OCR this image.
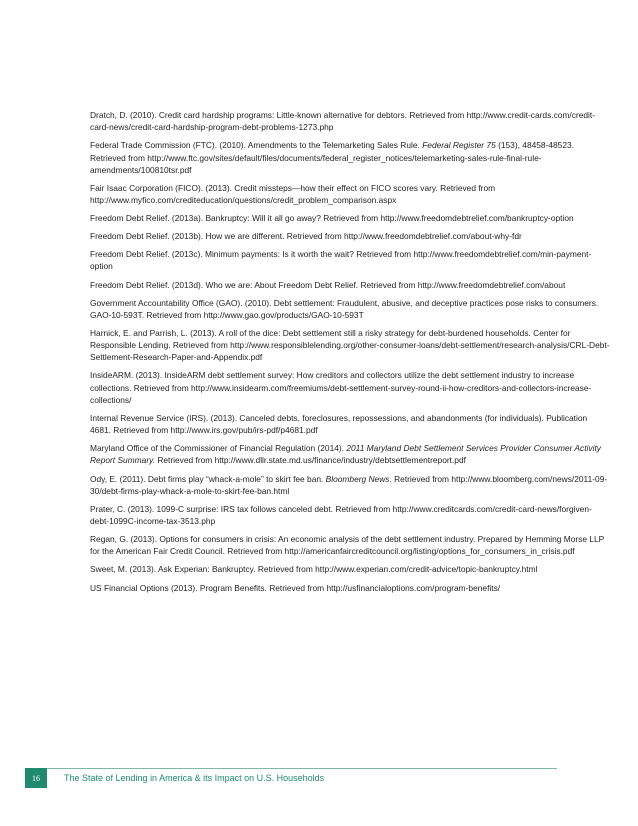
Dratch, D. (2010). Credit card hardship programs: Little-known alternative for debtors. Retrieved from http://www.credit-cards.com/credit-card-news/credit-card-hardship-program-debt-problems-1273.php

Federal Trade Commission (FTC). (2010). Amendments to the Telemarketing Sales Rule. Federal Register 75 (153), 48458-48523. Retrieved from http://www.ftc.gov/sites/default/files/documents/federal_register_notices/telemarketing-sales-rule-final-rule-amendments/100810tsr.pdf

Fair Isaac Corporation (FICO). (2013). Credit missteps—how their effect on FICO scores vary. Retrieved from http://www.myfico.com/crediteducation/questions/credit_problem_comparison.aspx

Freedom Debt Relief. (2013a). Bankruptcy: Will it all go away? Retrieved from http://www.freedomdebtrelief.com/bankruptcy-option

Freedom Debt Relief. (2013b). How we are different. Retrieved from http://www.freedomdebtrelief.com/about-why-fdr

Freedom Debt Relief. (2013c). Minimum payments: Is it worth the wait? Retrieved from http://www.freedomdebtrelief.com/min-payment-option

Freedom Debt Relief. (2013d). Who we are: About Freedom Debt Relief. Retrieved from http://www.freedomdebtrelief.com/about

Government Accountability Office (GAO). (2010). Debt settlement: Fraudulent, abusive, and deceptive practices pose risks to consumers. GAO-10-593T. Retrieved from http://www.gao.gov/products/GAO-10-593T

Harnick, E. and Parrish, L. (2013). A roll of the dice: Debt settlement still a risky strategy for debt-burdened households. Center for Responsible Lending. Retrieved from http://www.responsiblelending.org/other-consumer-loans/debt-settlement/research-analysis/CRL-Debt-Settlement-Research-Paper-and-Appendix.pdf

InsideARM. (2013). InsideARM debt settlement survey: How creditors and collectors utilize the debt settlement industry to increase collections. Retrieved from http://www.insidearm.com/freemiums/debt-settlement-survey-round-ii-how-creditors-and-collectors-increase-collections/

Internal Revenue Service (IRS). (2013). Canceled debts, foreclosures, repossessions, and abandonments (for individuals). Publication 4681. Retrieved from http://www.irs.gov/pub/irs-pdf/p4681.pdf

Maryland Office of the Commissioner of Financial Regulation (2014). 2011 Maryland Debt Settlement Services Provider Consumer Activity Report Summary. Retrieved from http://www.dllr.state.md.us/finance/industry/debtsettlementreport.pdf

Ody, E. (2011). Debt firms play “whack-a-mole” to skirt fee ban. Bloomberg News. Retrieved from http://www.bloomberg.com/news/2011-09-30/debt-firms-play-whack-a-mole-to-skirt-fee-ban.html

Prater, C. (2013). 1099-C surprise: IRS tax follows canceled debt. Retrieved from http://www.creditcards.com/credit-card-news/forgiven-debt-1099C-income-tax-3513.php

Regan, G. (2013). Options for consumers in crisis: An economic analysis of the debt settlement industry. Prepared by Hemming Morse LLP for the American Fair Credit Council. Retrieved from http://americanfaircreditcouncil.org/listing/options_for_consumers_in_crisis.pdf

Sweet, M. (2013). Ask Experian: Bankruptcy. Retrieved from http://www.experian.com/credit-advice/topic-bankruptcy.html

US Financial Options (2013). Program Benefits. Retrieved from http://usfinancialoptions.com/program-benefits/

16	The State of Lending in America & its Impact on U.S. Households
